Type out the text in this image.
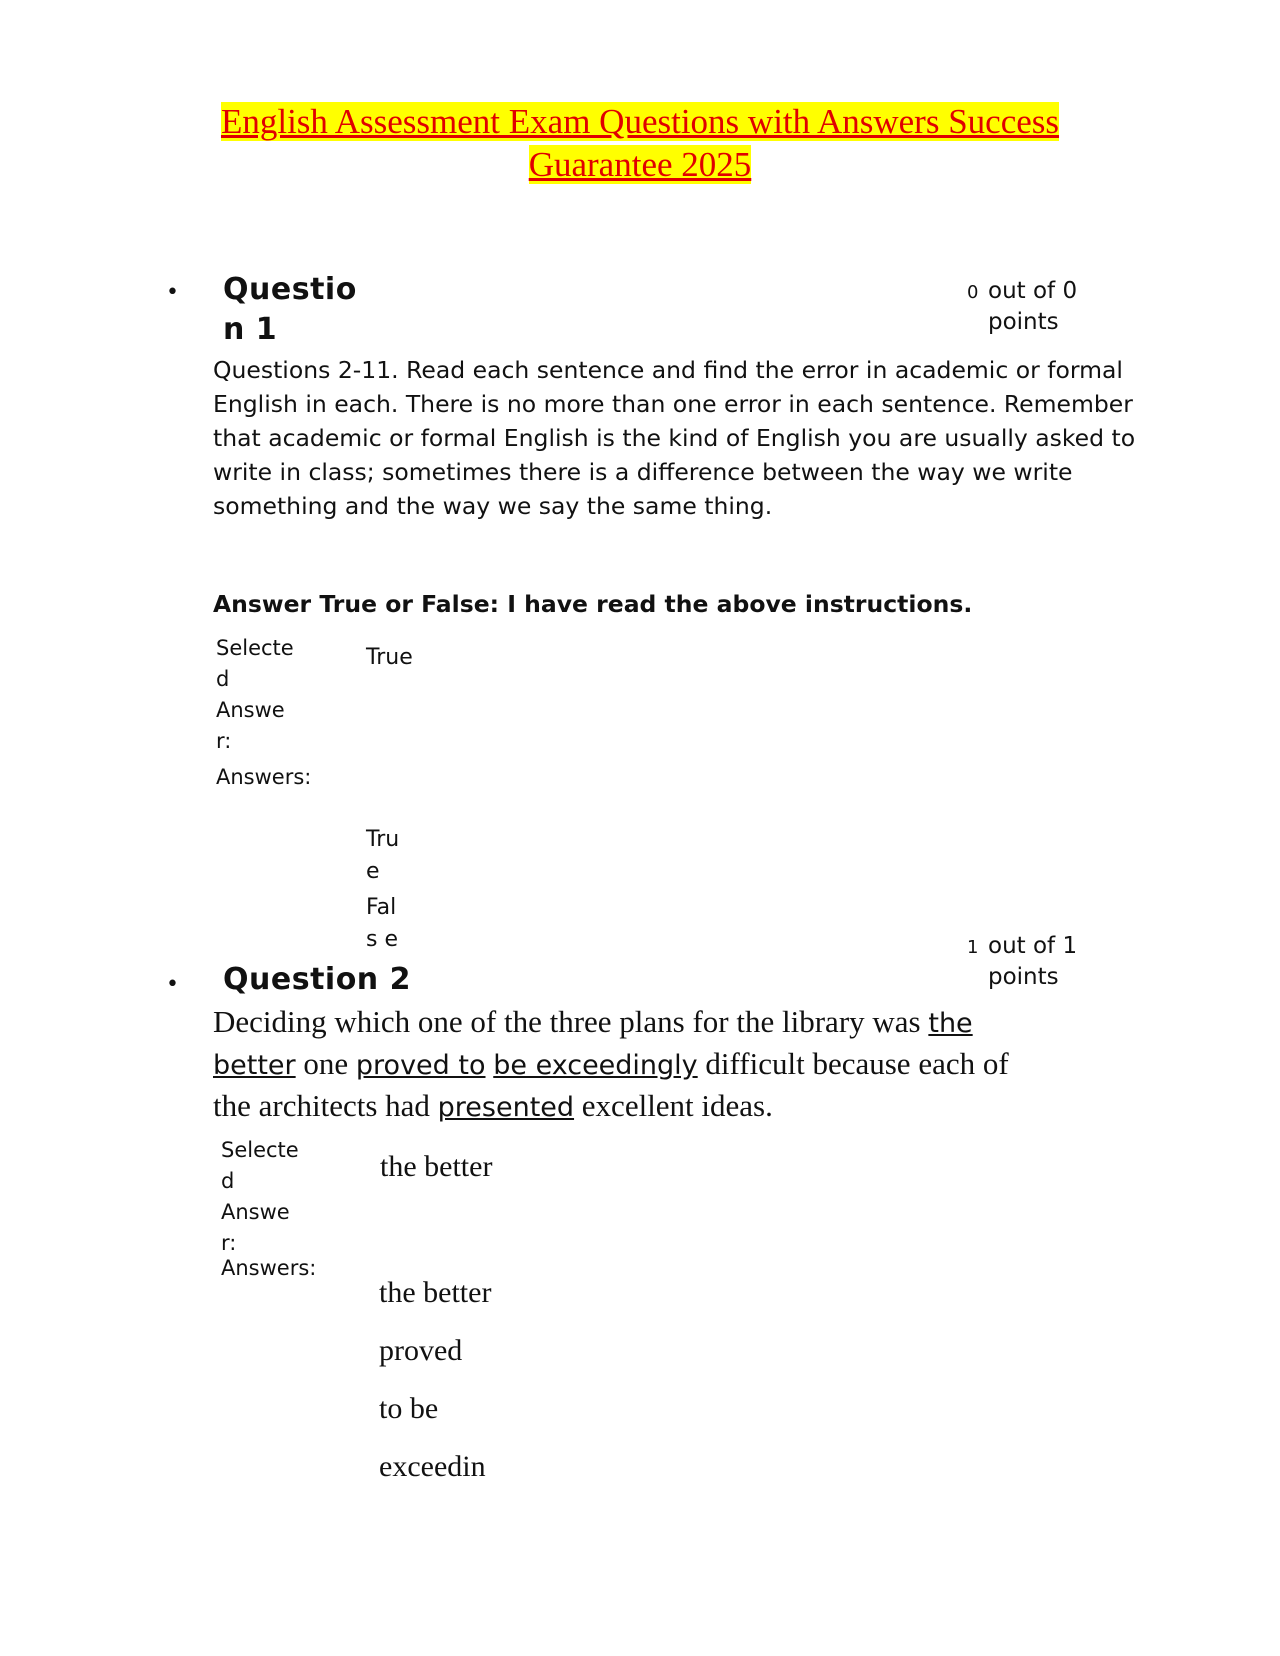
English Assessment Exam Questions with Answers Success
Guarantee 2025
• Questio
n 1
0 out of 0
points
Questions 2-11. Read each sentence and find the error in academic or formal English in each. There is no more than one error in each sentence. Remember that academic or formal English is the kind of English you are usually asked to write in class; sometimes there is a difference between the way we write something and the way we say the same thing.
Answer True or False: I have read the above instructions.
Selecte
d
Answe
r:
True
Answers:
Tru
e
Fal
s e	1 out of 1
points
• Question 2
Deciding which one of the three plans for the library was the
better one proved to be exceedingly difficult because each of
the architects had presented excellent ideas.
Selecte
d
Answe
r:
the better
Answers:
the better
proved
to be
exceedin
